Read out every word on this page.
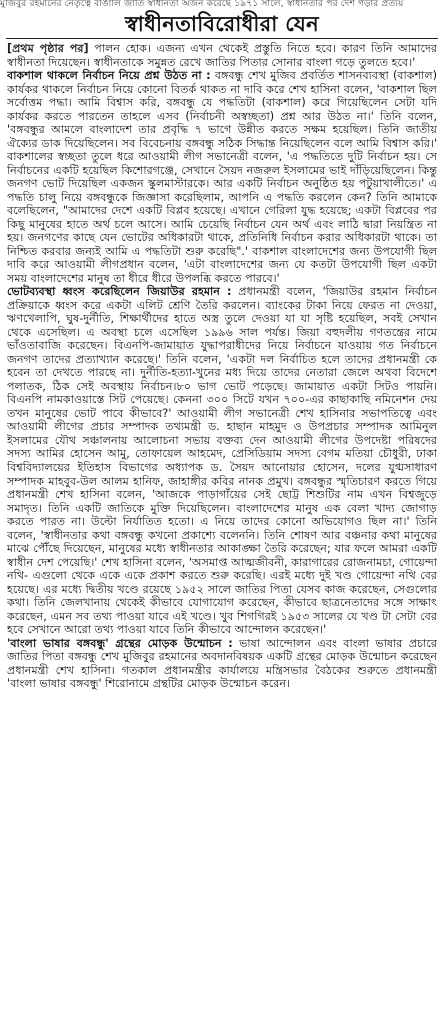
মুজিবুর রহমানের নেতৃত্বে বাঙালি জাতি স্বাধীনতা অর্জন করেছে ১৯৭১ সালে, স্বাধীনতার পর দেশ গড়ার প্রত্যয়
স্বাধীনতাবিরোধীরা যেন

[প্রথম পৃষ্ঠার পর] পালন হোক। এজন্য এখন থেকেই প্রস্তুতি নিতে হবে। কারণ তিনি আমাদের স্বাধীনতা দিয়েছেন। স্বাধীনতাকে সমুন্নত রেখে জাতির পিতার সোনার বাংলা গড়ে তুলতে হবে।'

বাকশাল থাকলে নির্বাচন নিয়ে প্রশ্ন উঠত না : বঙ্গবন্ধু শেখ মুজিব প্রবর্তিত শাসনব্যবস্থা (বাকশাল) কার্যকর থাকলে নির্বাচন নিয়ে কোনো বিতর্ক থাকত না দাবি করে শেখ হাসিনা বলেন, 'বাকশাল ছিল সর্বোত্তম পদ্ধা। আমি বিশ্বাস করি, বঙ্গবন্ধু যে পদ্ধতিটা (বাকশাল) করে গিয়েছিলেন সেটা যদি কার্যকর করতে পারতেন তাহলে এসব (নির্বাচনী অস্বচ্ছতা) প্রশ্ন আর উঠত না।' তিনি বলেন, 'বঙ্গবন্ধুর আমলে বাংলাদেশ তার প্রবৃদ্ধি ৭ ভাগে উন্নীত করতে সক্ষম হয়েছিল। তিনি জাতীয় ঐক্যের ডাক দিয়েছিলেন। সব বিবেচনায় বঙ্গবন্ধু সঠিক সিদ্ধান্ত নিয়েছিলেন বলে আমি বিশ্বাস করি।' বাকশালের স্বচ্ছতা তুলে ধরে আওয়ামী লীগ সভানেত্রী বলেন, 'এ পদ্ধতিতে দুটি নির্বাচন হয়। সে নির্বাচনের একটি হয়েছিল কিশোরগঞ্জে, সেখানে সৈয়দ নজরুল ইসলামের ভাই দাঁড়িয়েছিলেন। কিন্তু জনগণ ভোট দিয়েছিল একজন স্কুলমাস্টারকে। আর একটি নির্বাচন অনুষ্ঠিত হয় পটুয়াখালীতে।' এ পদ্ধতি চালু নিয়ে বঙ্গবন্ধুকে জিজ্ঞাসা করেছিলাম, আপনি এ পদ্ধতি করলেন কেন? তিনি আমাকে বলেছিলেন, "আমাদের দেশে একটি বিপ্লব হয়েছে। এখানে গেরিলা যুদ্ধ হয়েছে; একটা বিপ্লবের পর কিছু মানুষের হাতে অর্থ চলে আসে। আমি চেয়েছি নির্বাচন যেন অর্থ এবং লাঠি দ্বারা নিয়ন্ত্রিত না হয়। জনগণের কাছে যেন ভোটের অধিকারটা থাকে, প্রতিনিধি নির্বাচন করার অধিকারটা থাকে। তা নিশ্চিত করবার জন্যই আমি এ পদ্ধতিটা শুরু করেছি".' বাকশাল বাংলাদেশের জন্য উপযোগী ছিল দাবি করে আওয়ামী লীগপ্রধান বলেন, 'এটা বাংলাদেশের জন্য যে কতটা উপযোগী ছিল একটা সময় বাংলাদেশের মানুষ তা ধীরে ধীরে উপলব্ধি করতে পারবে।'

ভোটব্যবস্থা ধ্বংস করেছিলেন জিয়াউর রহমান : প্রধানমন্ত্রী বলেন, 'জিয়াউর রহমান নির্বাচন প্রক্রিয়াকে ধ্বংস করে একটা এলিট শ্রেণি তৈরি করলেন। ব্যাংকের টাকা নিয়ে ফেরত না দেওয়া, ঋণখেলাপি, ঘুষ-দুর্নীতি, শিক্ষার্থীদের হাতে অস্ত্র তুলে দেওয়া যা যা সৃষ্টি হয়েছিল, সবই সেখান থেকে এসেছিল। এ অবস্থা চলে এসেছিল ১৯৯৬ সাল পর্যন্ত। জিয়া বহুদলীয় গণতন্ত্রের নামে ভাঁওতাবাজি করেছেন। বিএনপি-জামায়াত যুদ্ধাপরাধীদের নিয়ে নির্বাচনে যাওয়ায় গত নির্বাচনে জনগণ তাদের প্রত্যাখ্যান করেছে।' তিনি বলেন, 'একটা দল নির্বাচিত হলে তাদের প্রধানমন্ত্রী কে হবেন তা দেখতে পারছে না। দুর্নীতি-হত্যা-খুনের মধ্য দিয়ে তাদের নেতারা জেলে অথবা বিদেশে পলাতক, ঠিক সেই অবস্থায় নির্বাচন।৮০ ভাগ ভোট পড়েছে। জামায়াত একটা সিটও পায়নি। বিএনপি নামকাওয়াস্তে সিট পেয়েছে। কেননা ৩০০ সিটে যখন ৭০০-এর কাছাকাছি নমিনেশন দেয় তখন মানুষের ভোট পাবে কীভাবে?' আওয়ামী লীগ সভানেত্রী শেখ হাসিনার সভাপতিত্বে এবং আওয়ামী লীগের প্রচার সম্পাদক তথ্যমন্ত্রী ড. হাছান মাহমুদ ও উপপ্রচার সম্পাদক আমিনুল ইসলামের যৌথ সঞ্চালনায় আলোচনা সভায় বক্তব্য দেন আওয়ামী লীগের উপদেষ্টা পরিষদের সদস্য আমির হোসেন আমু, তোফায়েল আহমেদ, প্রেসিডিয়াম সদস্য বেগম মতিয়া চৌধুরী, ঢাকা বিশ্ববিদ্যালয়ের ইতিহাস বিভাগের অধ্যাপক ড. সৈয়দ আনোয়ার হোসেন, দলের যুগ্মসাধারণ সম্পাদক মাহবুব-উল আলম হানিফ, জাহাঙ্গীর কবির নানক প্রমুখ। বঙ্গবন্ধুর স্মৃতিচারণ করতে গিয়ে প্রধানমন্ত্রী শেখ হাসিনা বলেন, 'আজকে পাড়াগাঁয়ের সেই ছোট্ট শিশুটির নাম এখন বিশ্বজুড়ে সমাদৃত। তিনি একটি জাতিকে মুক্তি দিয়েছিলেন। বাংলাদেশের মানুষ এক বেলা খাদ্য জোগাড় করতে পারত না। উল্টো নির্যাতিত হতো। এ নিয়ে তাদের কোনো অভিযোগও ছিল না।' তিনি বলেন, 'স্বাধীনতার কথা বঙ্গবন্ধু কখনো প্রকাশ্যে বলেননি। তিনি শোষণ আর বঞ্চনার কথা মানুষের মাঝে পৌঁছে দিয়েছেন, মানুষের মধ্যে স্বাধীনতার আকাঙ্ক্ষা তৈরি করেছেন; যার ফলে আমরা একটি স্বাধীন দেশ পেয়েছি।' শেখ হাসিনা বলেন, 'অসমাপ্ত আত্মজীবনী, কারাগারের রোজনামচা, গোয়েন্দা নথি- এগুলো থেকে একে একে প্রকাশ করতে শুরু করেছি। এরই মধ্যে দুই খণ্ড গোয়েন্দা নথি বের হয়েছে। এর মধ্যে দ্বিতীয় খণ্ডে রয়েছে ১৯৫২ সালে জাতির পিতা যেসব কাজ করেছেন, সেগুলোর কথা। তিনি জেলখানায় থেকেই কীভাবে যোগাযোগ করেছেন, কীভাবে ছাত্রনেতাদের সঙ্গে সাক্ষাৎ করেছেন, এমন সব তথ্য পাওয়া যাবে এই খণ্ডে। খুব শিগগিরই ১৯৫৩ সালের যে খণ্ড টা সেটা বের হবে সেখানে আরো তথ্য পাওয়া যাবে তিনি কীভাবে আন্দোলন করেছেন।'

'বাংলা ভাষার বঙ্গবন্ধু' গ্রন্থের মোড়ক উন্মোচন : ভাষা আন্দোলন এবং বাংলা ভাষার প্রচারে জাতির পিতা বঙ্গবন্ধু শেখ মুজিবুর রহমানের অবদানবিষয়ক একটি গ্রন্থের মোড়ক উন্মোচন করেছেন প্রধানমন্ত্রী শেখ হাসিনা। গতকাল প্রধানমন্ত্রীর কার্যালয়ে মন্ত্রিসভার বৈঠকের শুরুতে প্রধানমন্ত্রী 'বাংলা ভাষার বঙ্গবন্ধু' শিরোনামে গ্রন্থটির মোড়ক উন্মোচন করেন।
